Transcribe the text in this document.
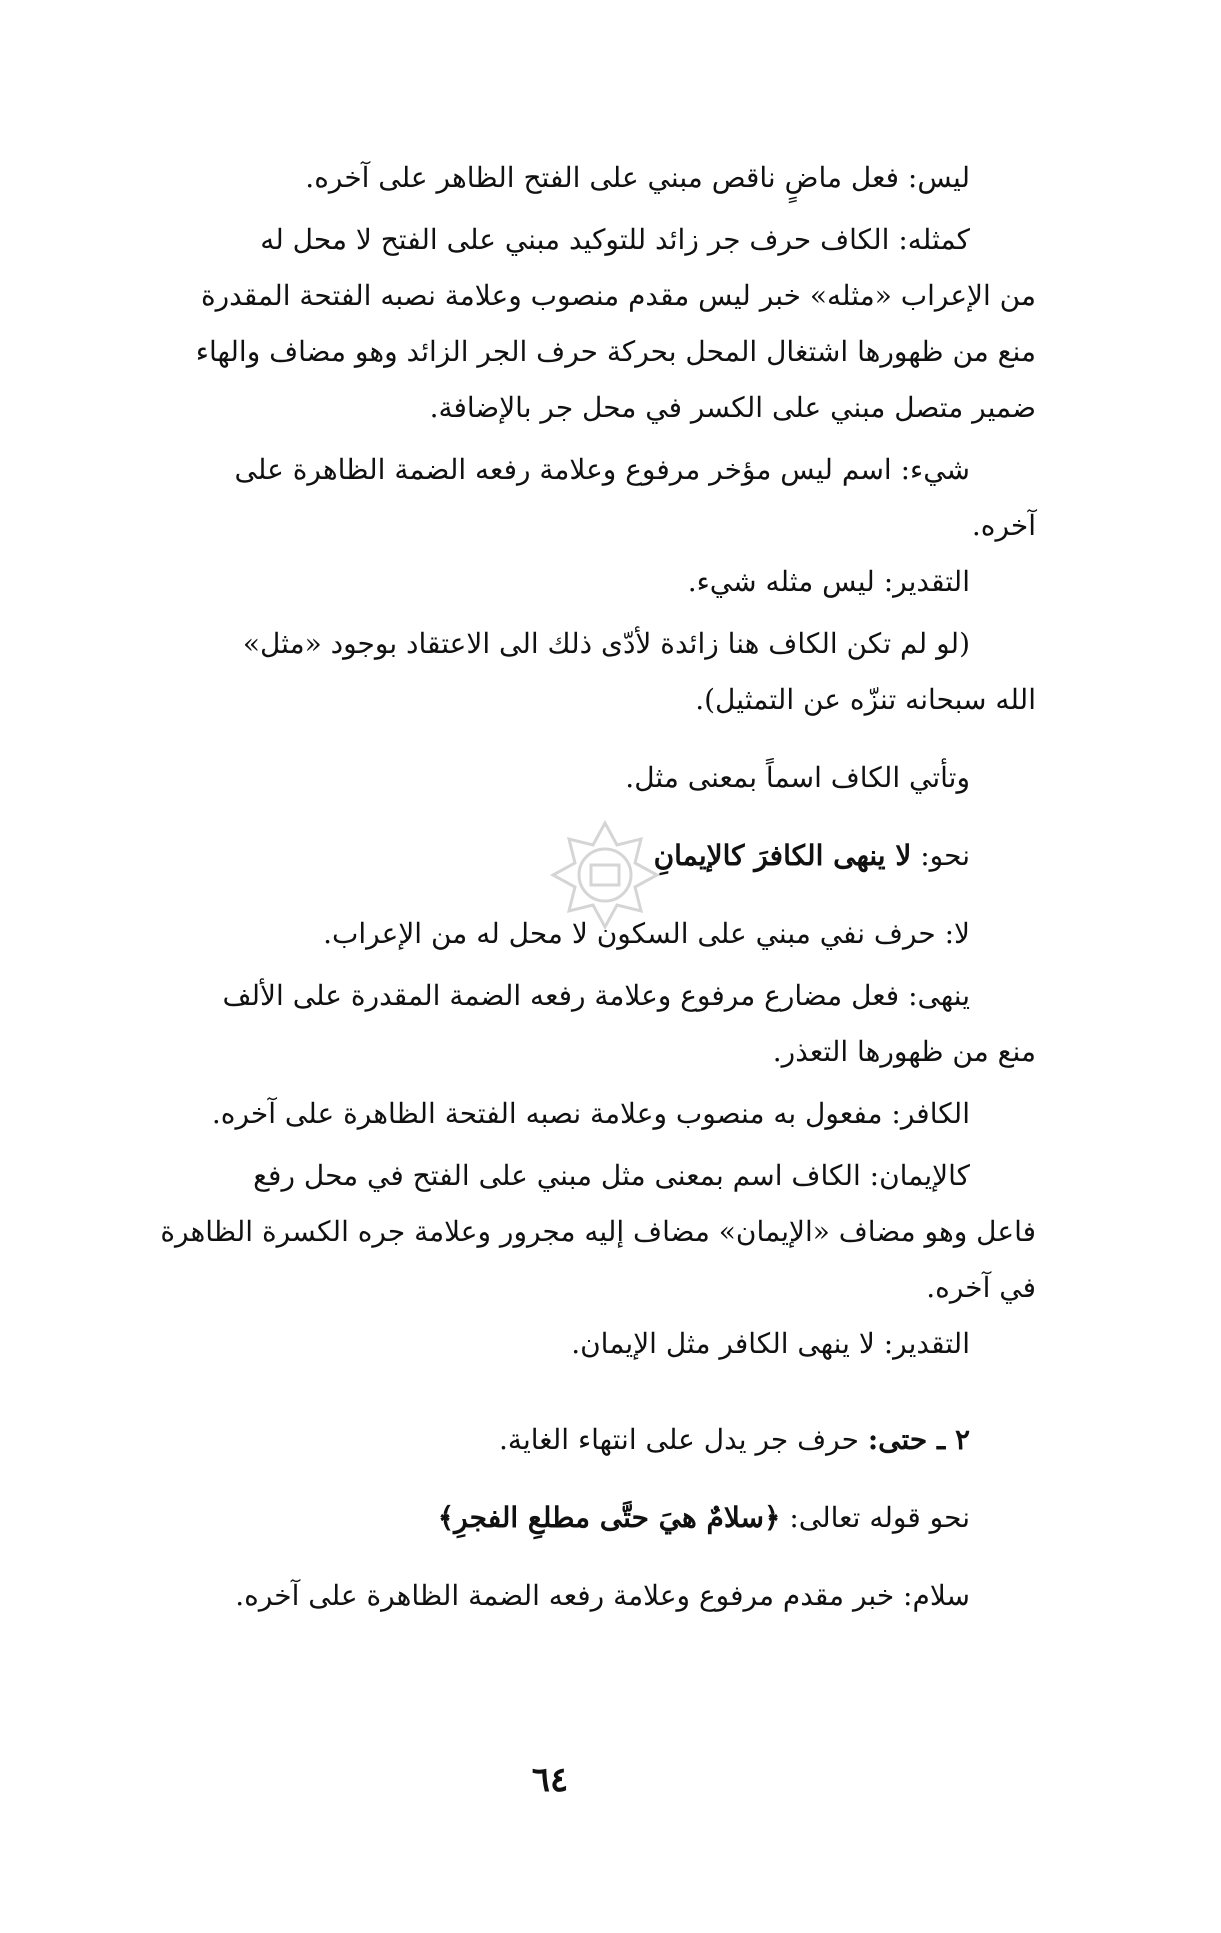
ليس: فعل ماضٍ ناقص مبني على الفتح الظاهر على آخره.

كمثله: الكاف حرف جر زائد للتوكيد مبني على الفتح لا محل له

من الإعراب «مثله» خبر ليس مقدم منصوب وعلامة نصبه الفتحة المقدرة

منع من ظهورها اشتغال المحل بحركة حرف الجر الزائد وهو مضاف والهاء

ضمير متصل مبني على الكسر في محل جر بالإضافة.

شيء: اسم ليس مؤخر مرفوع وعلامة رفعه الضمة الظاهرة على

آخره.

التقدير: ليس مثله شيء.

(لو لم تكن الكاف هنا زائدة لأدّى ذلك الى الاعتقاد بوجود «مثل»

الله سبحانه تنزّه عن التمثيل).

وتأتي الكاف اسماً بمعنى مثل.

نحو: لا ينهى الكافرَ كالإيمانِ

لا: حرف نفي مبني على السكون لا محل له من الإعراب.

ينهى: فعل مضارع مرفوع وعلامة رفعه الضمة المقدرة على الألف

منع من ظهورها التعذر.

الكافر: مفعول به منصوب وعلامة نصبه الفتحة الظاهرة على آخره.

كالإيمان: الكاف اسم بمعنى مثل مبني على الفتح في محل رفع

فاعل وهو مضاف «الإيمان» مضاف إليه مجرور وعلامة جره الكسرة الظاهرة

في آخره.

التقدير: لا ينهى الكافر مثل الإيمان.

٢ ـ حتى: حرف جر يدل على انتهاء الغاية.

نحو قوله تعالى: ﴿سلامٌ هيَ حتَّى مطلعِ الفجرِ﴾

سلام: خبر مقدم مرفوع وعلامة رفعه الضمة الظاهرة على آخره.

٦٤
